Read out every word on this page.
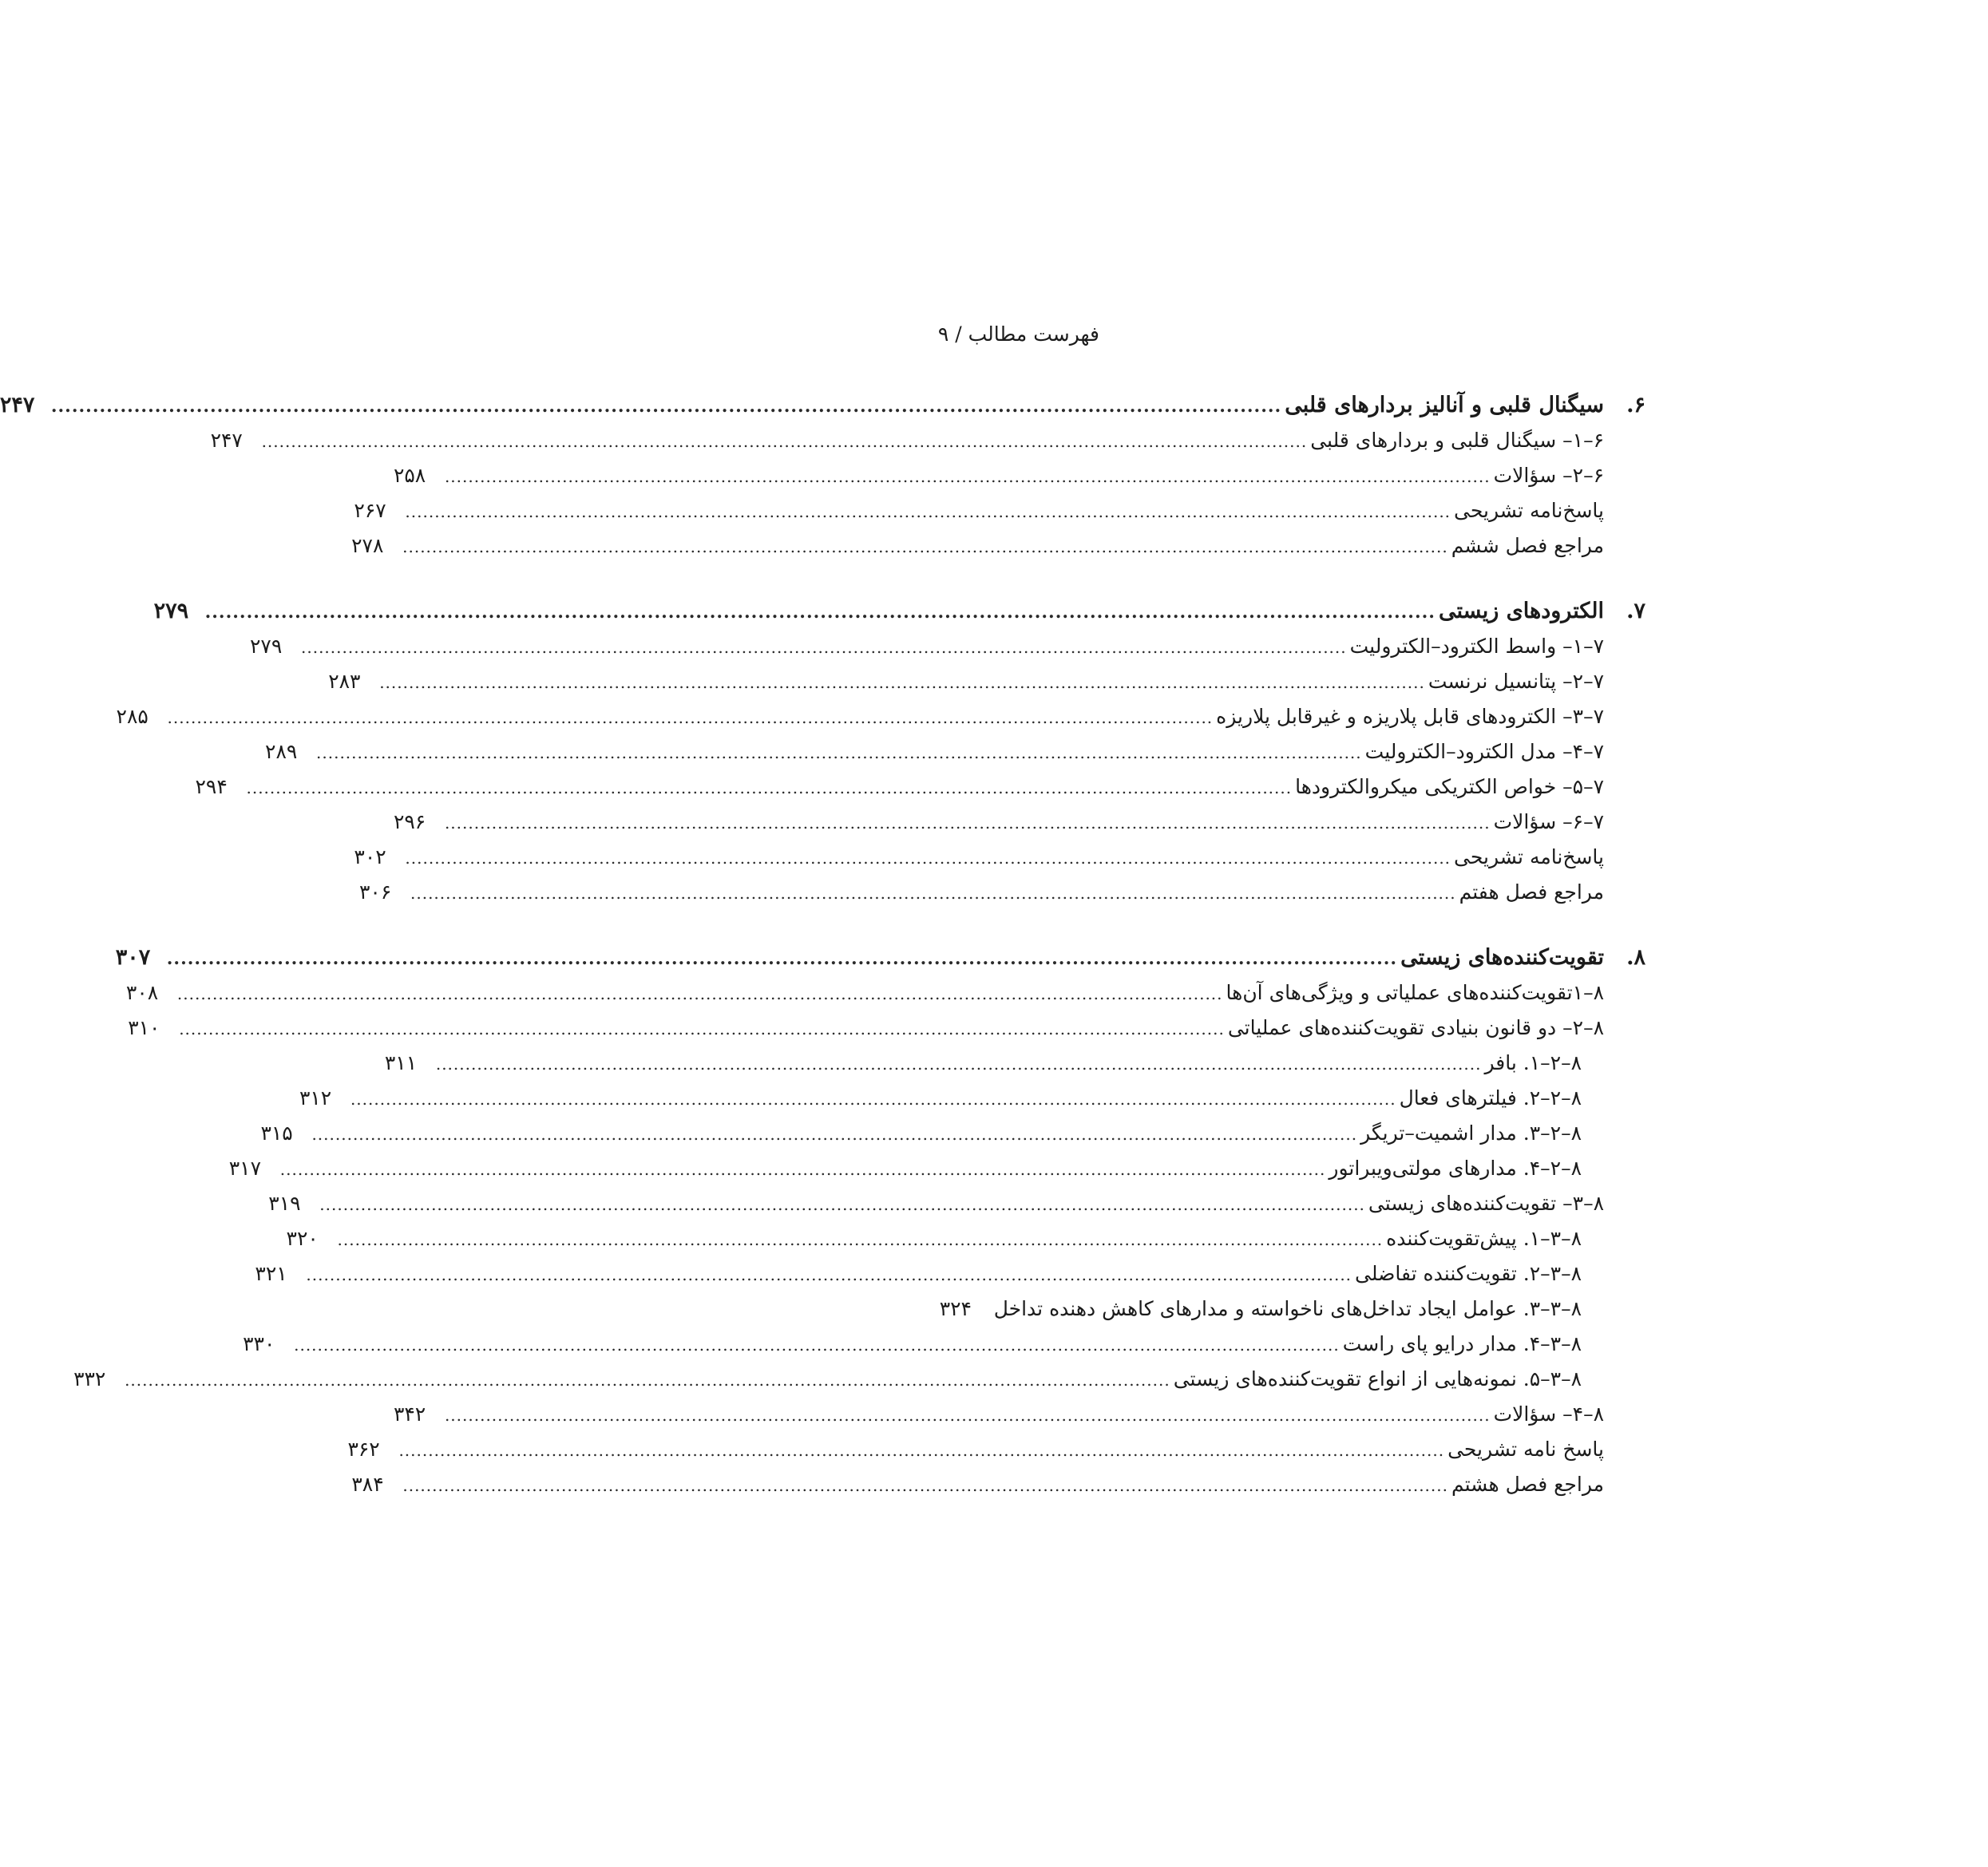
فهرست مطالب / ۹
۶.
سیگنال قلبی و آنالیز بردارهای قلبی
..................................................................................................................................................................................
۲۴۷
۶–۱– سیگنال قلبی و بردارهای قلبی
..................................................................................................................................................................................
۲۴۷
۶–۲– سؤالات
..................................................................................................................................................................................
۲۵۸
پاسخ‌نامه تشریحی
..................................................................................................................................................................................
۲۶۷
مراجع فصل ششم
..................................................................................................................................................................................
۲۷۸
۷.
الکترودهای زیستی
..................................................................................................................................................................................
۲۷۹
۷–۱– واسط الکترود–الکترولیت
..................................................................................................................................................................................
۲۷۹
۷–۲– پتانسیل نرنست
..................................................................................................................................................................................
۲۸۳
۷–۳– الکترودهای قابل پلاریزه و غیرقابل پلاریزه
..................................................................................................................................................................................
۲۸۵
۷–۴– مدل الکترود–الکترولیت
..................................................................................................................................................................................
۲۸۹
۷–۵– خواص الکتریکی میکروالکترودها
..................................................................................................................................................................................
۲۹۴
۷–۶– سؤالات
..................................................................................................................................................................................
۲۹۶
پاسخ‌نامه تشریحی
..................................................................................................................................................................................
۳۰۲
مراجع فصل هفتم
..................................................................................................................................................................................
۳۰۶
۸.
تقویت‌کننده‌های زیستی
..................................................................................................................................................................................
۳۰۷
۸–۱تقویت‌کننده‌های عملیاتی و ویژگی‌های آن‌ها
..................................................................................................................................................................................
۳۰۸
۸–۲– دو قانون بنیادی تقویت‌کننده‌های عملیاتی
..................................................................................................................................................................................
۳۱۰
۸–۲–۱. بافر
..................................................................................................................................................................................
۳۱۱
۸–۲–۲. فیلترهای فعال
..................................................................................................................................................................................
۳۱۲
۸–۲–۳. مدار اشمیت–تریگر
..................................................................................................................................................................................
۳۱۵
۸–۲–۴. مدارهای مولتی‌ویبراتور
..................................................................................................................................................................................
۳۱۷
۸–۳– تقویت‌کننده‌های زیستی
..................................................................................................................................................................................
۳۱۹
۸–۳–۱. پیش‌تقویت‌کننده
..................................................................................................................................................................................
۳۲۰
۸–۳–۲. تقویت‌کننده تفاضلی
..................................................................................................................................................................................
۳۲۱
۸–۳–۳. عوامل ایجاد تداخل‌های ناخواسته و مدارهای کاهش دهنده تداخل
۳۲۴
۸–۳–۴. مدار درایو پای راست
..................................................................................................................................................................................
۳۳۰
۸–۳–۵. نمونه‌هایی از انواع تقویت‌کننده‌های زیستی
..................................................................................................................................................................................
۳۳۲
۸–۴– سؤالات
..................................................................................................................................................................................
۳۴۲
پاسخ نامه تشریحی
..................................................................................................................................................................................
۳۶۲
مراجع فصل هشتم
..................................................................................................................................................................................
۳۸۴
